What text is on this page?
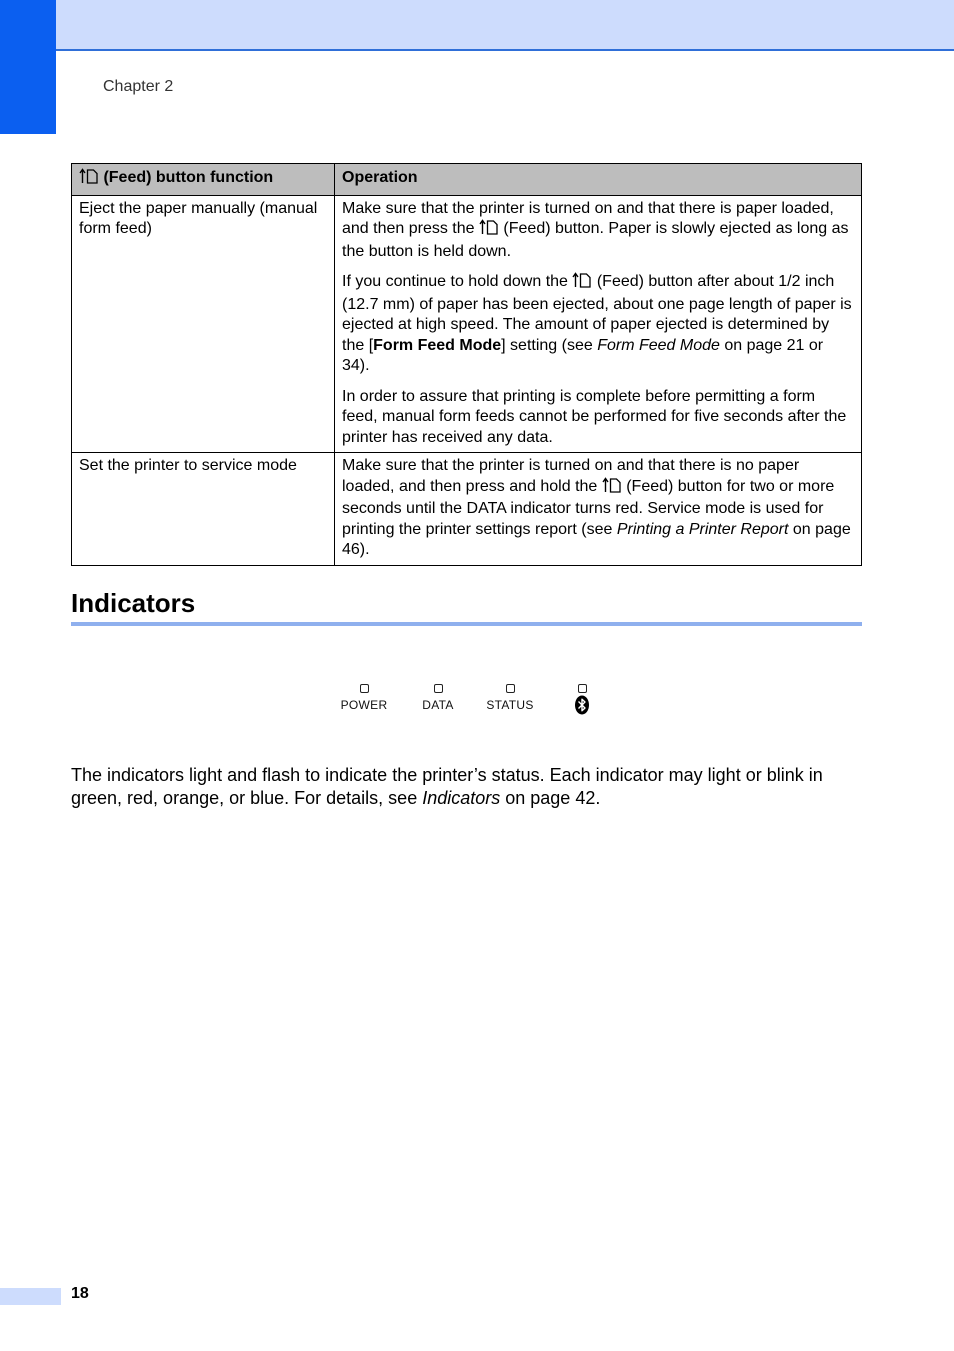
Chapter 2
(Feed) button function	Operation
Eject the paper manually (manual form feed)	Make sure that the printer is turned on and that there is paper loaded, and then press the  (Feed) button. Paper is slowly ejected as long as the button is held down.

If you continue to hold down the  (Feed) button after about 1/2 inch (12.7 mm) of paper has been ejected, about one page length of paper is ejected at high speed. The amount of paper ejected is determined by the [Form Feed Mode] setting (see Form Feed Mode on page 21 or 34).

In order to assure that printing is complete before permitting a form feed, manual form feeds cannot be performed for five seconds after the printer has received any data.

Set the printer to service mode	Make sure that the printer is turned on and that there is no paper loaded, and then press and hold the  (Feed) button for two or more seconds until the DATA indicator turns red. Service mode is used for printing the printer settings report (see Printing a Printer Report on page 46).

Indicators
POWER	DATA	STATUS

The indicators light and flash to indicate the printer’s status. Each indicator may light or blink in green, red, orange, or blue. For details, see Indicators on page 42.

18
